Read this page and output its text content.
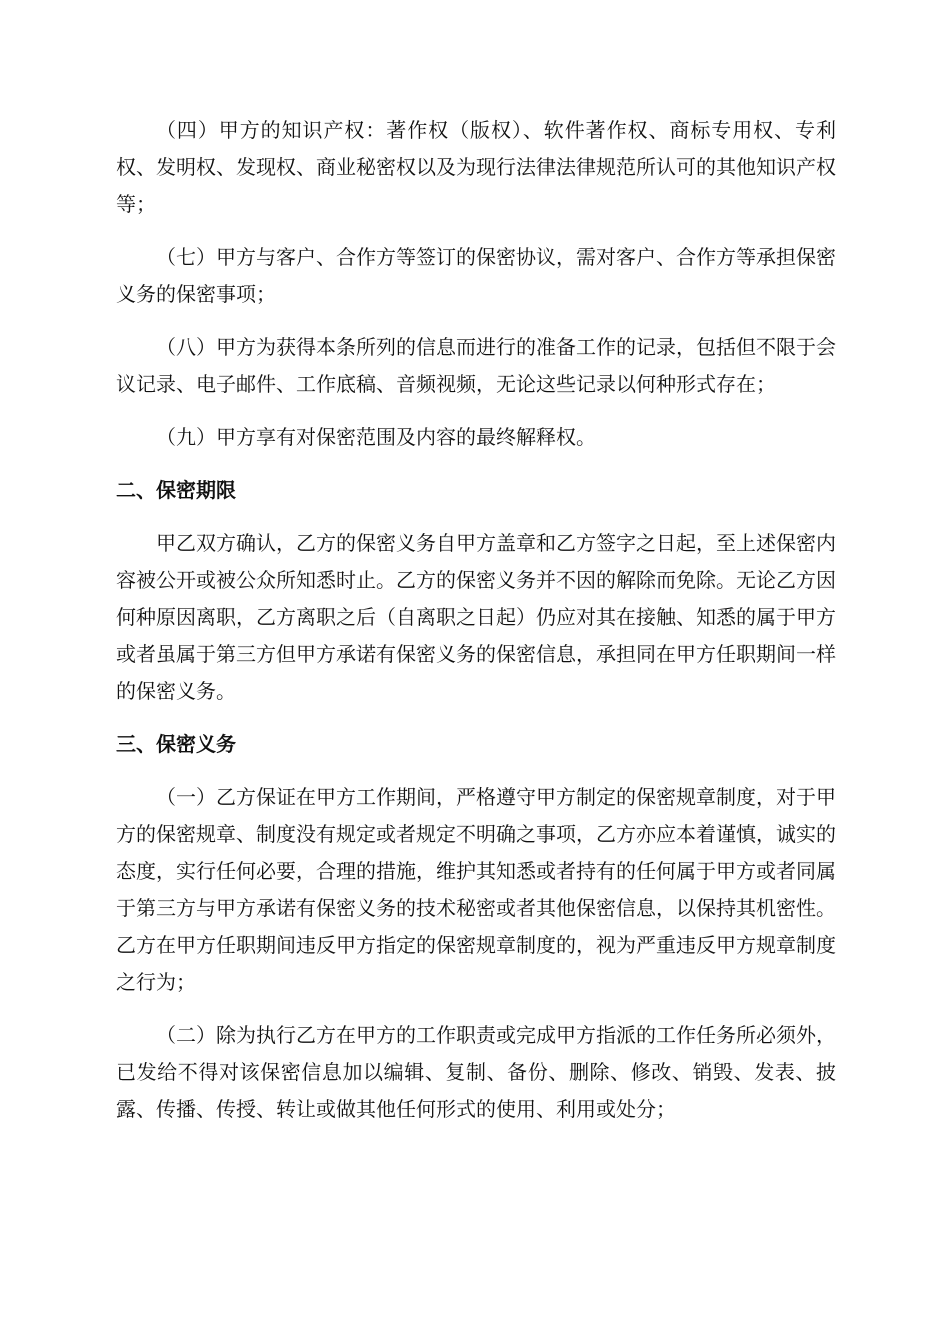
（四）甲方的知识产权：著作权（版权）、软件著作权、商标专用权、专利权、发明权、发现权、商业秘密权以及为现行法律法律规范所认可的其他知识产权等；

（七）甲方与客户、合作方等签订的保密协议，需对客户、合作方等承担保密义务的保密事项；

（八）甲方为获得本条所列的信息而进行的准备工作的记录，包括但不限于会议记录、电子邮件、工作底稿、音频视频，无论这些记录以何种形式存在；

（九）甲方享有对保密范围及内容的最终解释权。

二、保密期限

甲乙双方确认，乙方的保密义务自甲方盖章和乙方签字之日起，至上述保密内容被公开或被公众所知悉时止。乙方的保密义务并不因的解除而免除。无论乙方因何种原因离职，乙方离职之后（自离职之日起）仍应对其在接触、知悉的属于甲方或者虽属于第三方但甲方承诺有保密义务的保密信息，承担同在甲方任职期间一样的保密义务。

三、保密义务

（一）乙方保证在甲方工作期间，严格遵守甲方制定的保密规章制度，对于甲方的保密规章、制度没有规定或者规定不明确之事项，乙方亦应本着谨慎，诚实的态度，实行任何必要，合理的措施，维护其知悉或者持有的任何属于甲方或者同属于第三方与甲方承诺有保密义务的技术秘密或者其他保密信息，以保持其机密性。乙方在甲方任职期间违反甲方指定的保密规章制度的，视为严重违反甲方规章制度之行为；

（二）除为执行乙方在甲方的工作职责或完成甲方指派的工作任务所必须外，已发给不得对该保密信息加以编辑、复制、备份、删除、修改、销毁、发表、披露、传播、传授、转让或做其他任何形式的使用、利用或处分；
